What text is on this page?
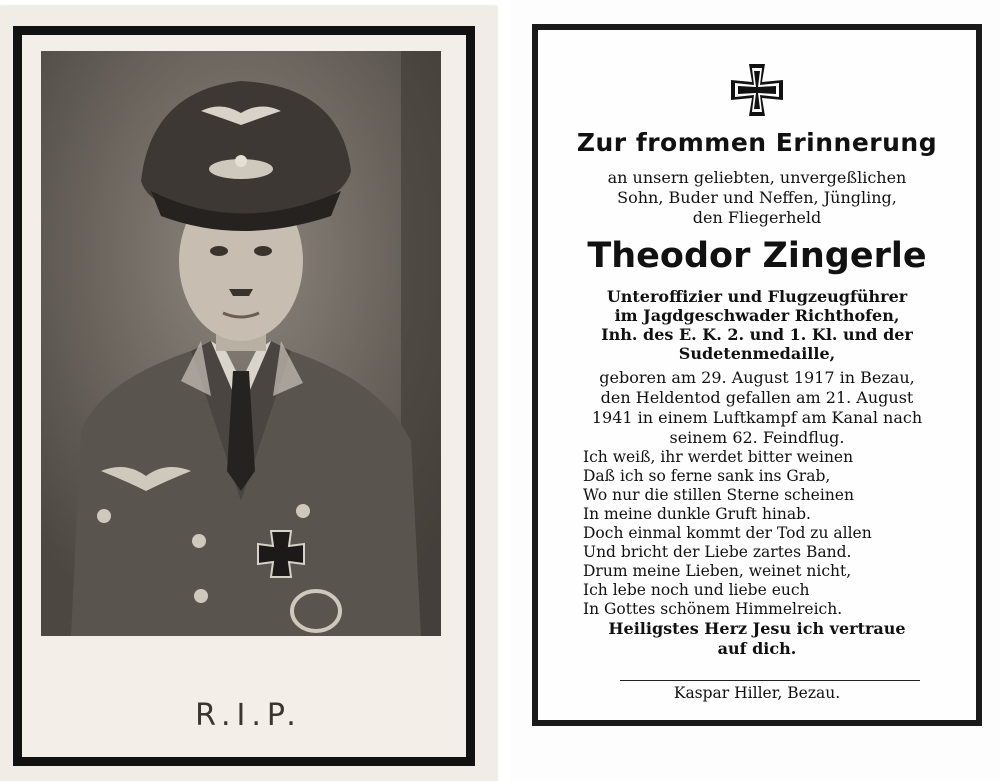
R.I.P.
Zur frommen Erinnerung
an unsern geliebten, unvergeßlichen
Sohn, Buder und Neffen, Jüngling,
den Fliegerheld
Theodor Zingerle
Unteroffizier und Flugzeugführer
im Jagdgeschwader Richthofen,
Inh. des E. K. 2. und 1. Kl. und der
Sudetenmedaille,
geboren am 29. August 1917 in Bezau,
den Heldentod gefallen am 21. August
1941 in einem Luftkampf am Kanal nach
seinem 62. Feindflug.
Ich weiß, ihr werdet bitter weinen
Daß ich so ferne sank ins Grab,
Wo nur die stillen Sterne scheinen
In meine dunkle Gruft hinab.
Doch einmal kommt der Tod zu allen
Und bricht der Liebe zartes Band.
Drum meine Lieben, weinet nicht,
Ich lebe noch und liebe euch
In Gottes schönem Himmelreich.
Heiligstes Herz Jesu ich vertraue
auf dich.
Kaspar Hiller, Bezau.
